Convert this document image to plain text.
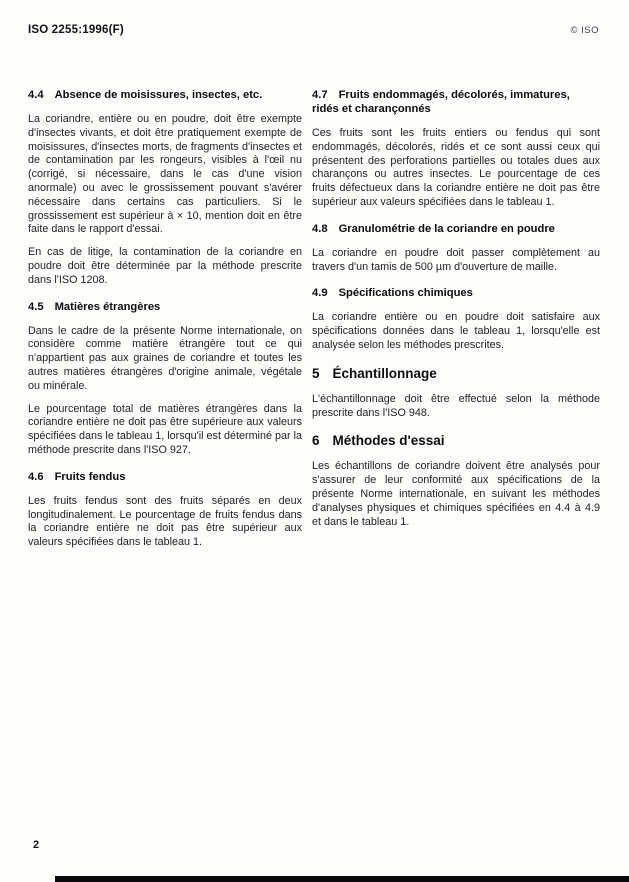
ISO 2255:1996(F)	© ISO
4.4 Absence de moisissures, insectes, etc.

La coriandre, entière ou en poudre, doit être exempte d'insectes vivants, et doit être pratiquement exempte de moisissures, d'insectes morts, de fragments d'insectes et de contamination par les rongeurs, visibles à l'œil nu (corrigé, si nécessaire, dans le cas d'une vision anormale) ou avec le grossissement pouvant s'avérer nécessaire dans certains cas particuliers. Si le grossissement est supérieur à × 10, mention doit en être faite dans le rapport d'essai.

En cas de litige, la contamination de la coriandre en poudre doit être déterminée par la méthode prescrite dans l'ISO 1208.

4.5 Matières étrangères

Dans le cadre de la présente Norme internationale, on considère comme matière étrangère tout ce qui n'appartient pas aux graines de coriandre et toutes les autres matières étrangères d'origine animale, végétale ou minérale.

Le pourcentage total de matières étrangères dans la coriandre entière ne doit pas être supérieure aux valeurs spécifiées dans le tableau 1, lorsqu'il est déterminé par la méthode prescrite dans l'ISO 927.

4.6 Fruits fendus

Les fruits fendus sont des fruits séparés en deux longitudinalement. Le pourcentage de fruits fendus dans la coriandre entière ne doit pas être supérieur aux valeurs spécifiées dans le tableau 1.

4.7 Fruits endommagés, décolorés, immatures, ridés et charançonnés

Ces fruits sont les fruits entiers ou fendus qui sont endommagés, décolorés, ridés et ce sont aussi ceux qui présentent des perforations partielles ou totales dues aux charançons ou autres insectes. Le pourcentage de ces fruits défectueux dans la coriandre entière ne doit pas être supérieur aux valeurs spécifiées dans le tableau 1.

4.8 Granulométrie de la coriandre en poudre

La coriandre en poudre doit passer complètement au travers d'un tamis de 500 µm d'ouverture de maille.

4.9 Spécifications chimiques

La coriandre entière ou en poudre doit satisfaire aux spécifications données dans le tableau 1, lorsqu'elle est analysée selon les méthodes prescrites.

5 Échantillonnage

L'échantillonnage doit être effectué selon la méthode prescrite dans l'ISO 948.

6 Méthodes d'essai

Les échantillons de coriandre doivent être analysés pour s'assurer de leur conformité aux spécifications de la présente Norme internationale, en suivant les méthodes d'analyses physiques et chimiques spécifiées en 4.4 à 4.9 et dans le tableau 1.

2
